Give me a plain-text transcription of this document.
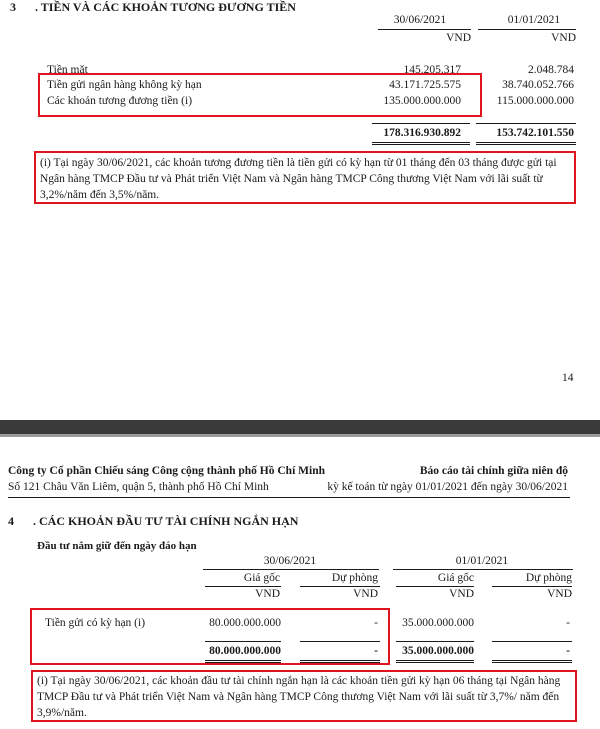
3 . TIỀN VÀ CÁC KHOẢN TƯƠNG ĐƯƠNG TIỀN
30/06/2021	01/01/2021
VND	VND
Tiền mặt	145.205.317	2.048.784
Tiền gửi ngân hàng không kỳ hạn	43.171.725.575	38.740.052.766
Các khoản tương đương tiền (i)	135.000.000.000	115.000.000.000
178.316.930.892	153.742.101.550
(i) Tại ngày 30/06/2021, các khoản tương đương tiền là tiền gửi có kỳ hạn từ 01 tháng đến 03 tháng được gửi tại Ngân hàng TMCP Đầu tư và Phát triển Việt Nam và Ngân hàng TMCP Công thương Việt Nam với lãi suất từ 3,2%/năm đến 3,5%/năm.
14
Công ty Cổ phần Chiếu sáng Công cộng thành phố Hồ Chí Minh
Số 121 Châu Văn Liêm, quận 5, thành phố Hồ Chí Minh
Báo cáo tài chính giữa niên độ
kỳ kế toán từ ngày 01/01/2021 đến ngày 30/06/2021
4 . CÁC KHOẢN ĐẦU TƯ TÀI CHÍNH NGẮN HẠN
Đầu tư nắm giữ đến ngày đáo hạn
30/06/2021	01/01/2021
Giá gốc	Dự phòng	Giá gốc	Dự phòng
VND	VND	VND	VND
Tiền gửi có kỳ hạn (i)	80.000.000.000	-	35.000.000.000	-
80.000.000.000	-	35.000.000.000	-
(i) Tại ngày 30/06/2021, các khoản đầu tư tài chính ngắn hạn là các khoản tiền gửi kỳ hạn 06 tháng tại Ngân hàng TMCP Đầu tư và Phát triển Việt Nam và Ngân hàng TMCP Công thương Việt Nam với lãi suất từ 3,7%/ năm đến 3,9%/năm.
